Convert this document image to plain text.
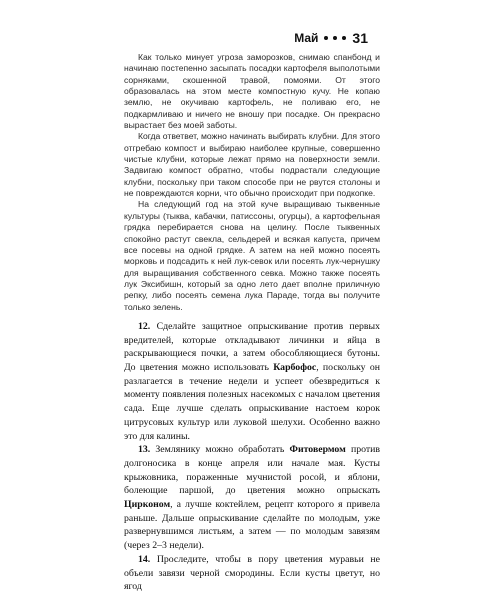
Май 31

Как только минует угроза заморозков, снимаю спанбонд и начинаю постепенно засыпать посадки картофеля выполотыми сорняками, скошенной травой, помоями. От этого образовалась на этом месте компостную кучу. Не копаю землю, не окучиваю картофель, не поливаю его, не подкармливаю и ничего не вношу при посадке. Он прекрасно вырастает без моей заботы.

Когда ответвет, можно начинать выбирать клубни. Для этого отгребаю компост и выбираю наиболее крупные, совершенно чистые клубни, которые лежат прямо на поверхности земли. Задвигаю компост обратно, чтобы подрастали следующие клубни, поскольку при таком способе при не рвутся столоны и не повреждаются корни, что обычно происходит при подкопке.

На следующий год на этой куче выращиваю тыквенные культуры (тыква, кабачки, патиссоны, огурцы), а картофельная грядка перебирается снова на целину. После тыквенных спокойно растут свекла, сельдерей и всякая капуста, причем все посевы на одной грядке. А затем на ней можно посеять морковь и подсадить к ней лук-севок или посеять лук-чернушку для выращивания собственного севка. Можно также посеять лук Эксибишн, который за одно лето дает вполне приличную репку, либо посеять семена лука Параде, тогда вы получите только зелень.

12. Сделайте защитное опрыскивание против первых вредителей, которые откладывают личинки и яйца в раскрывающиеся почки, а затем обособляющиеся бутоны. До цветения можно использовать Карбофос, поскольку он разлагается в течение недели и успеет обезвредиться к моменту появления полезных насекомых с началом цветения сада. Еще лучше сделать опрыскивание настоем корок цитрусовых культур или луковой шелухи. Особенно важно это для калины.

13. Землянику можно обработать Фитовермом против долгоносика в конце апреля или начале мая. Кусты крыжовника, пораженные мучнистой росой, и яблони, болеющие паршой, до цветения можно опрыскать Цирконом, а лучше коктейлем, рецепт которого я привела раньше. Дальше опрыскивание сделайте по молодым, уже развернувшимся листьям, а затем — по молодым завязям (через 2–3 недели).

14. Проследите, чтобы в пору цветения муравьи не объели завязи черной смородины. Если кусты цветут, но ягод
